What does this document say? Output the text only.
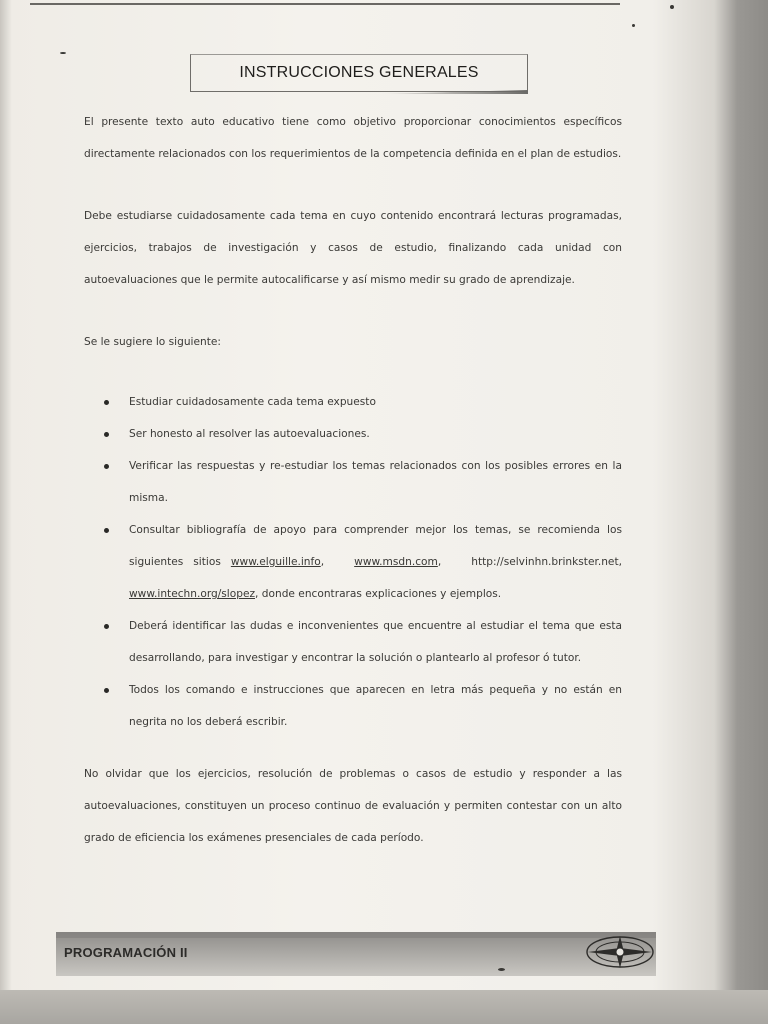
INSTRUCCIONES GENERALES

El presente texto auto educativo tiene como objetivo proporcionar conocimientos específicos directamente relacionados con los requerimientos de la competencia definida en el plan de estudios.

Debe estudiarse cuidadosamente cada tema en cuyo contenido encontrará lecturas programadas, ejercicios, trabajos de investigación y casos de estudio, finalizando cada unidad con autoevaluaciones que le permite autocalificarse y así mismo medir su grado de aprendizaje.

Se le sugiere lo siguiente:

Estudiar cuidadosamente cada tema expuesto
Ser honesto al resolver las autoevaluaciones.
Verificar las respuestas y re-estudiar los temas relacionados con los posibles errores en la misma.
Consultar bibliografía de apoyo para comprender mejor los temas, se recomienda los siguientes sitios www.elguille.info,   www.msdn.com,   http://selvinhn.brinkster.net, www.intechn.org/slopez, donde encontraras explicaciones y ejemplos.
Deberá identificar las dudas e inconvenientes que encuentre al estudiar el tema que esta desarrollando, para investigar y encontrar la solución o plantearlo al profesor ó tutor.
Todos los comando e instrucciones que aparecen en letra más pequeña y no están en negrita no los deberá escribir.

No olvidar que los ejercicios, resolución de problemas o casos de estudio y responder a las autoevaluaciones, constituyen un proceso continuo de evaluación y permiten contestar con un alto grado de eficiencia los exámenes presenciales de cada período.

PROGRAMACIÓN II
